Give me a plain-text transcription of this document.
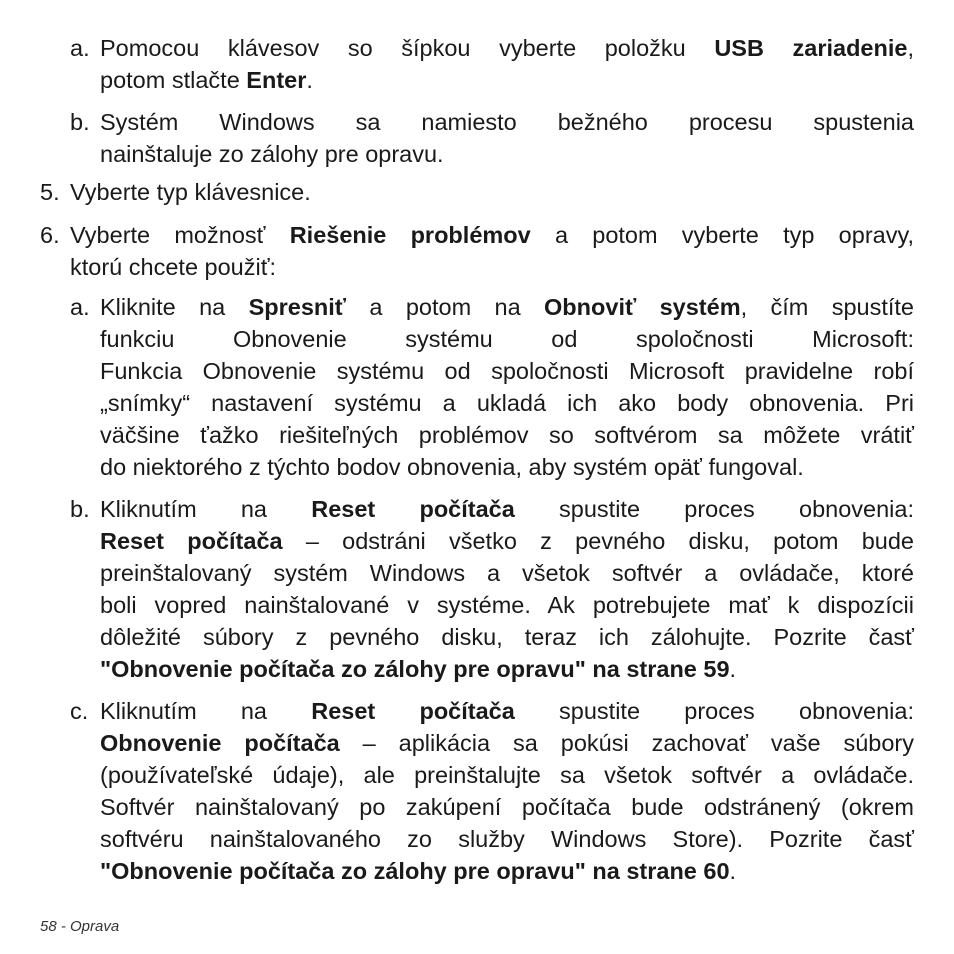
a. Pomocou klávesov so šípkou vyberte položku USB zariadenie,
potom stlačte Enter.
b. Systém Windows sa namiesto bežného procesu spustenia
nainštaluje zo zálohy pre opravu.
5. Vyberte typ klávesnice.
6. Vyberte možnosť Riešenie problémov a potom vyberte typ opravy,
ktorú chcete použiť:
a. Kliknite na Spresniť a potom na Obnoviť systém, čím spustíte
funkciu Obnovenie systému od spoločnosti Microsoft:
Funkcia Obnovenie systému od spoločnosti Microsoft pravidelne robí
„snímky“ nastavení systému a ukladá ich ako body obnovenia. Pri
väčšine ťažko riešiteľných problémov so softvérom sa môžete vrátiť
do niektorého z týchto bodov obnovenia, aby systém opäť fungoval.
b. Kliknutím na Reset počítača spustite proces obnovenia:
Reset počítača – odstráni všetko z pevného disku, potom bude
preinštalovaný systém Windows a všetok softvér a ovládače, ktoré
boli vopred nainštalované v systéme. Ak potrebujete mať k dispozícii
dôležité súbory z pevného disku, teraz ich zálohujte. Pozrite časť
"Obnovenie počítača zo zálohy pre opravu" na strane 59.
c. Kliknutím na Reset počítača spustite proces obnovenia:
Obnovenie počítača – aplikácia sa pokúsi zachovať vaše súbory
(používateľské údaje), ale preinštalujte sa všetok softvér a ovládače.
Softvér nainštalovaný po zakúpení počítača bude odstránený (okrem
softvéru nainštalovaného zo služby Windows Store). Pozrite časť
"Obnovenie počítača zo zálohy pre opravu" na strane 60.
58 - Oprava
